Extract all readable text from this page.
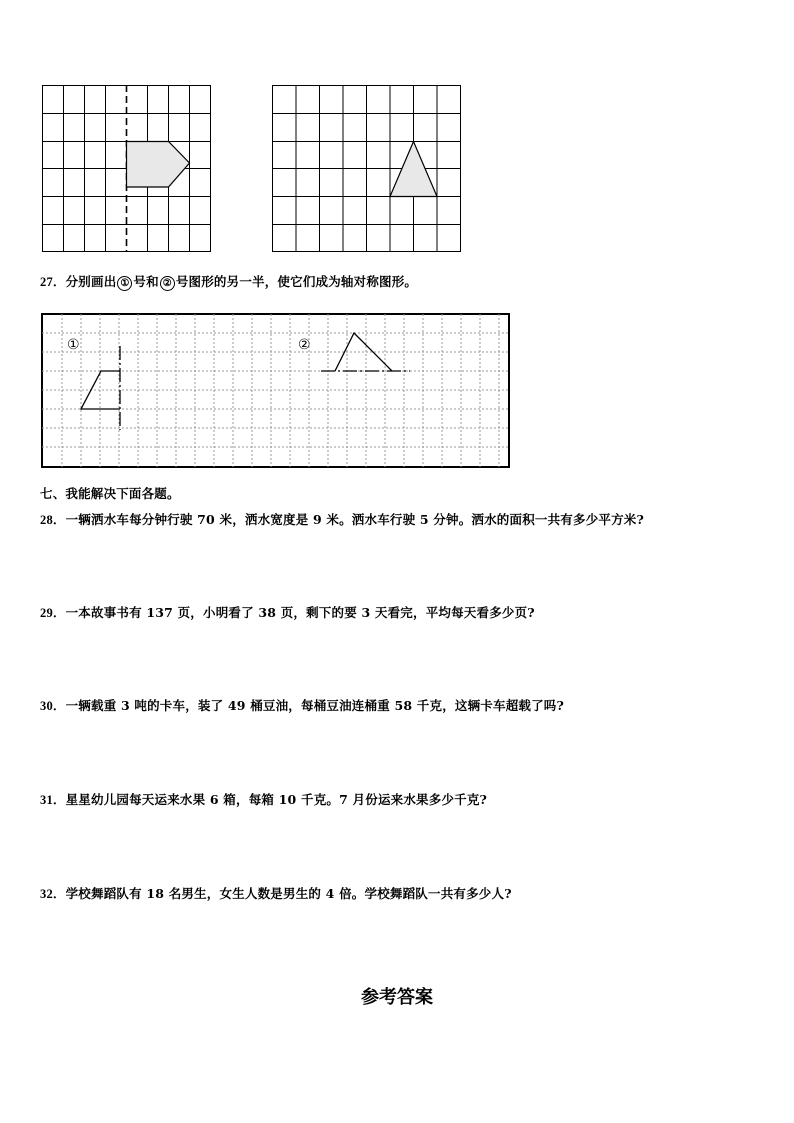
27．分别画出 ① 号和 ② 号图形的另一半，使它们成为轴对称图形。
①	②
七、我能解决下面各题。
28．一辆洒水车每分钟行驶 70 米，洒水宽度是 9 米。洒水车行驶 5 分钟。洒水的面积一共有多少平方米?
29．一本故事书有 137 页，小明看了 38 页，剩下的要 3 天看完，平均每天看多少页?
30．一辆载重 3 吨的卡车，装了 49 桶豆油，每桶豆油连桶重 58 千克，这辆卡车超载了吗?
31．星星幼儿园每天运来水果 6 箱，每箱 10 千克。7 月份运来水果多少千克?
32．学校舞蹈队有 18 名男生，女生人数是男生的 4 倍。学校舞蹈队一共有多少人?
参考答案
